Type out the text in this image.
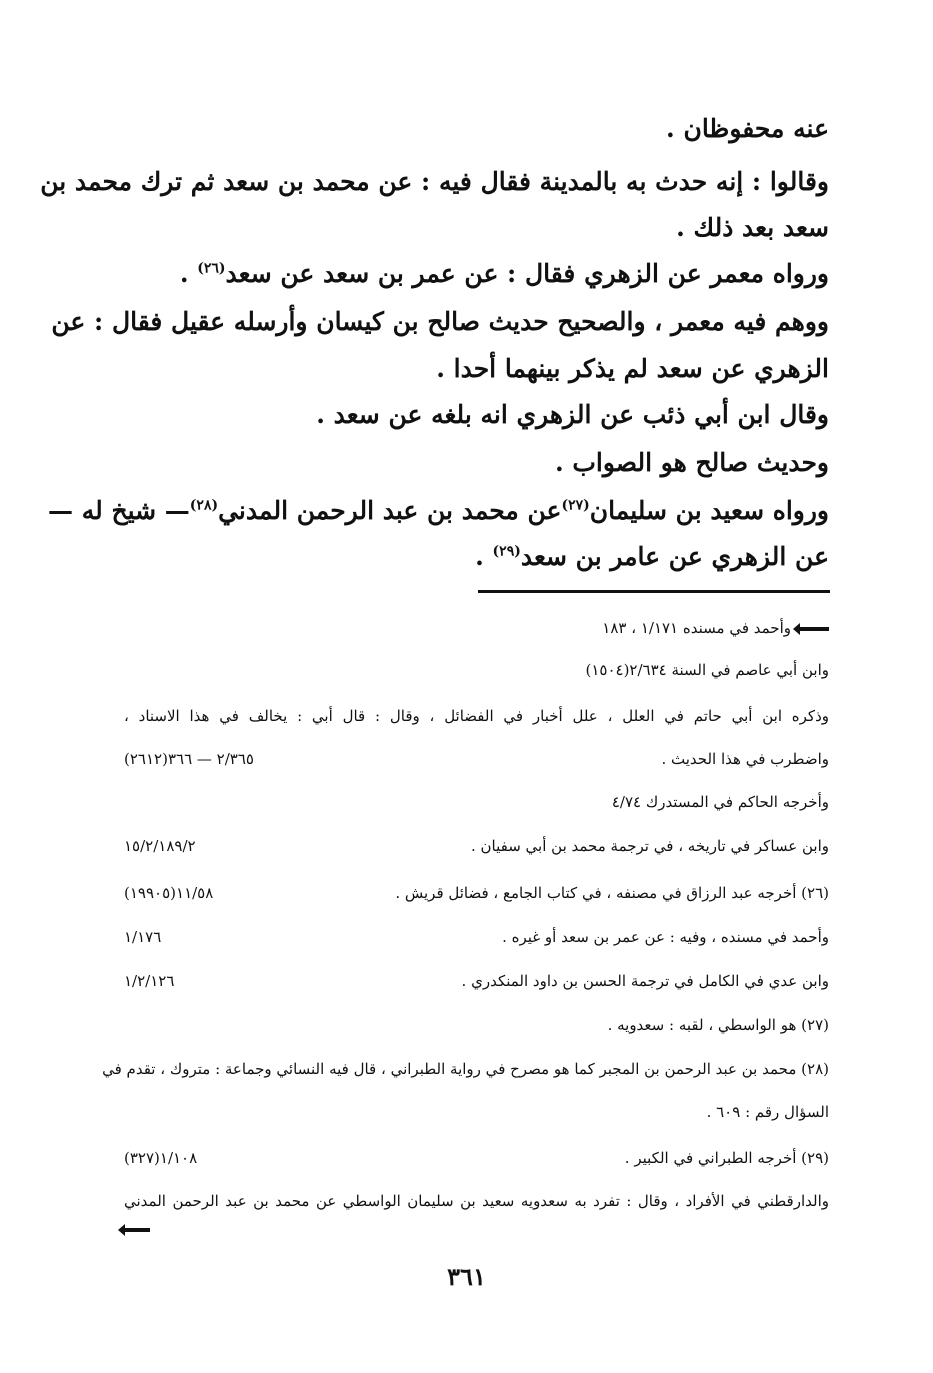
عنه محفوظان .
وقالوا : إنه حدث به بالمدينة فقال فيه : عن محمد بن سعد ثم ترك محمد بن
سعد بعد ذلك .
ورواه معمر عن الزهري فقال : عن عمر بن سعد عن سعد$^{(٢٦)}$ .
ووهم فيه معمر ، والصحيح حديث صالح بن كيسان وأرسله عقيل فقال : عن
الزهري عن سعد لم يذكر بينهما أحدا .
وقال ابن أبي ذئب عن الزهري انه بلغه عن سعد .
وحديث صالح هو الصواب .
ورواه سعيد بن سليمان$^{(٢٧)}$عن محمد بن عبد الرحمن المدني$^{(٢٨)}$— شيخ له —
عن الزهري عن عامر بن سعد$^{(٢٩)}$ .
وأحمد في مسنده ١/١٧١ ، ١٨٣
وابن أبي عاصم في السنة ٢/٦٣٤(١٥٠٤)
وذكره ابن أبي حاتم في العلل ، علل أخبار في الفضائل ، وقال : قال أبي : يخالف في هذا الاسناد ،
واضطرب في هذا الحديث .
٢/٣٦٥ — ٣٦٦(٢٦١٢)
وأخرجه الحاكم في المستدرك ٤/٧٤
وابن عساكر في تاريخه ، في ترجمة محمد بن أبي سفيان .
١٥/٢/١٨٩/٢
(٢٦) أخرجه عبد الرزاق في مصنفه ، في كتاب الجامع ، فضائل قريش .
١١/٥٨(١٩٩٠٥)
وأحمد في مسنده ، وفيه : عن عمر بن سعد أو غيره .
١/١٧٦
وابن عدي في الكامل في ترجمة الحسن بن داود المنكدري .
١/٢/١٢٦
(٢٧) هو الواسطي ، لقبه : سعدويه .
(٢٨) محمد بن عبد الرحمن بن المجبر كما هو مصرح في رواية الطبراني ، قال فيه النسائي وجماعة : متروك ، تقدم في
السؤال رقم : ٦٠٩ .
(٢٩) أخرجه الطبراني في الكبير .
١/١٠٨(٣٢٧)
والدارقطني في الأفراد ، وقال : تفرد به سعدويه سعيد بن سليمان الواسطي عن محمد بن عبد الرحمن المدني
٣٦١
